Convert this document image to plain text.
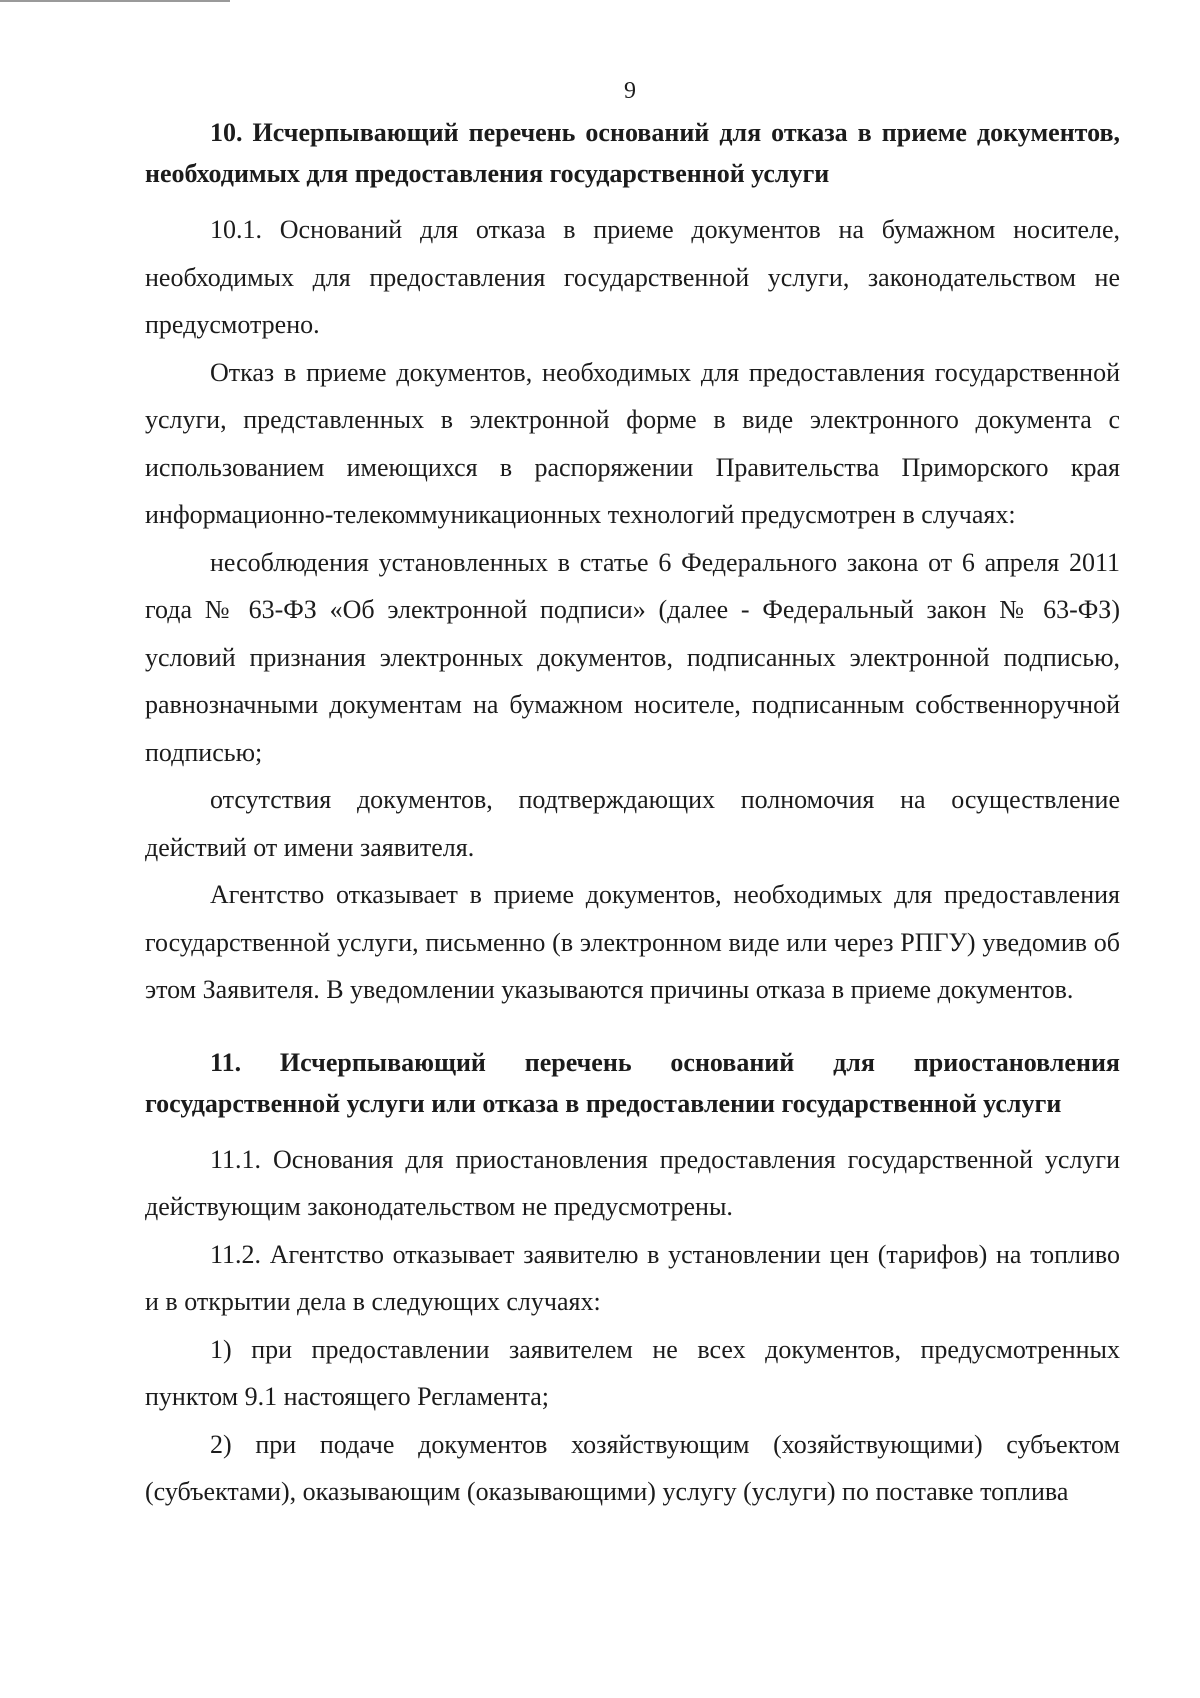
9

10. Исчерпывающий перечень оснований для отказа в приеме документов, необходимых для предоставления государственной услуги

10.1. Оснований для отказа в приеме документов на бумажном носителе, необходимых для предоставления государственной услуги, законодательством не предусмотрено.

Отказ в приеме документов, необходимых для предоставления государственной услуги, представленных в электронной форме в виде электронного документа с использованием имеющихся в распоряжении Правительства Приморского края информационно-телекоммуникационных технологий предусмотрен в случаях:

несоблюдения установленных в статье 6 Федерального закона от 6 апреля 2011 года № 63-ФЗ «Об электронной подписи» (далее - Федеральный закон № 63-ФЗ) условий признания электронных документов, подписанных электронной подписью, равнозначными документам на бумажном носителе, подписанным собственноручной подписью;

отсутствия документов, подтверждающих полномочия на осуществление действий от имени заявителя.

Агентство отказывает в приеме документов, необходимых для предоставления государственной услуги, письменно (в электронном виде или через РПГУ) уведомив об этом Заявителя. В уведомлении указываются причины отказа в приеме документов.

11. Исчерпывающий перечень оснований для приостановления государственной услуги или отказа в предоставлении государственной услуги

11.1. Основания для приостановления предоставления государственной услуги действующим законодательством не предусмотрены.

11.2. Агентство отказывает заявителю в установлении цен (тарифов) на топливо и в открытии дела в следующих случаях:

1) при предоставлении заявителем не всех документов, предусмотренных пунктом 9.1 настоящего Регламента;

2) при подаче документов хозяйствующим (хозяйствующими) субъектом (субъектами), оказывающим (оказывающими) услугу (услуги) по поставке топлива
